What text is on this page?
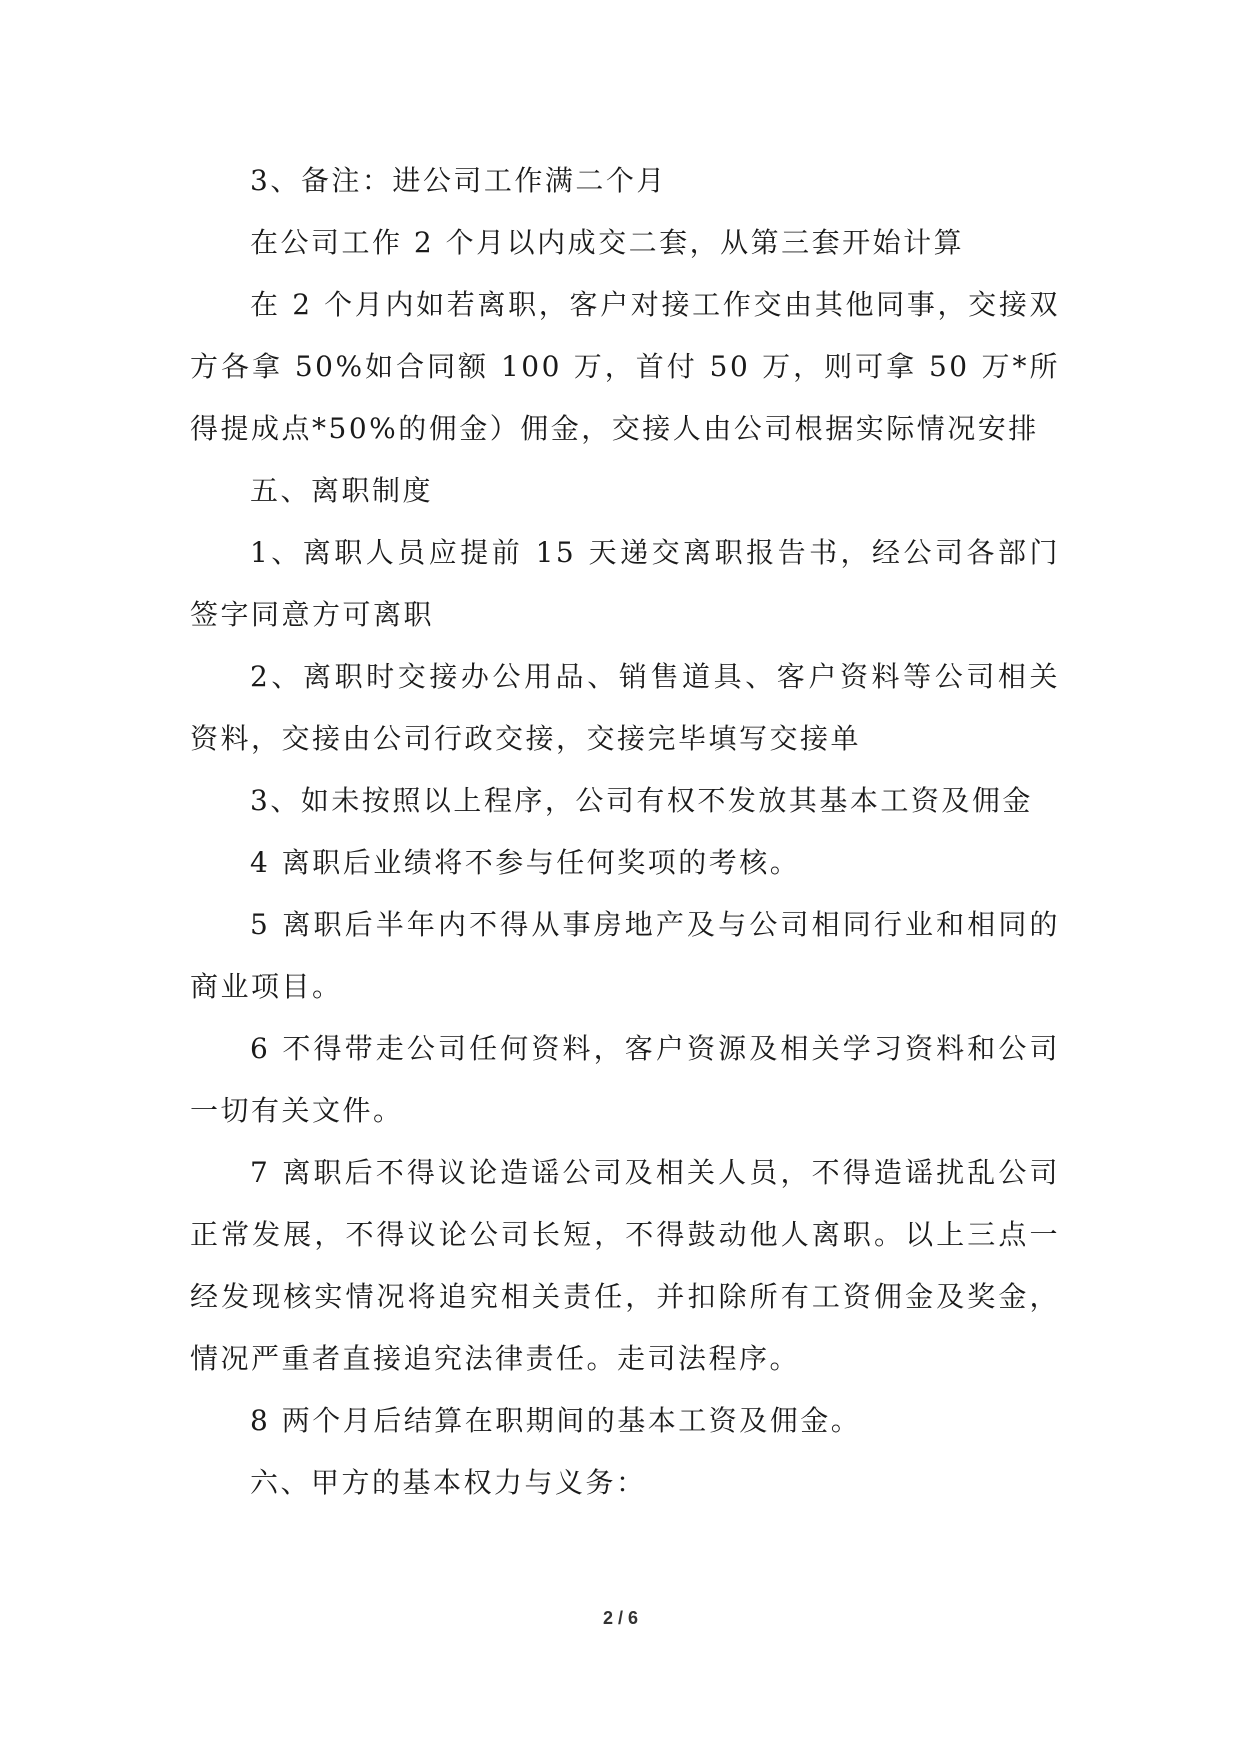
3、备注：进公司工作满二个月

在公司工作 2 个月以内成交二套，从第三套开始计算

在 2 个月内如若离职，客户对接工作交由其他同事，交接双方各拿 50%如合同额 100 万，首付 50 万，则可拿 50 万*所得提成点*50%的佣金）佣金，交接人由公司根据实际情况安排

五、离职制度

1、离职人员应提前 15 天递交离职报告书，经公司各部门签字同意方可离职

2、离职时交接办公用品、销售道具、客户资料等公司相关资料，交接由公司行政交接，交接完毕填写交接单

3、如未按照以上程序，公司有权不发放其基本工资及佣金

4 离职后业绩将不参与任何奖项的考核。

5 离职后半年内不得从事房地产及与公司相同行业和相同的商业项目。

6 不得带走公司任何资料，客户资源及相关学习资料和公司一切有关文件。

7 离职后不得议论造谣公司及相关人员，不得造谣扰乱公司正常发展，不得议论公司长短，不得鼓动他人离职。以上三点一经发现核实情况将追究相关责任，并扣除所有工资佣金及奖金，情况严重者直接追究法律责任。走司法程序。

8 两个月后结算在职期间的基本工资及佣金。

六、甲方的基本权力与义务：

2 / 6
